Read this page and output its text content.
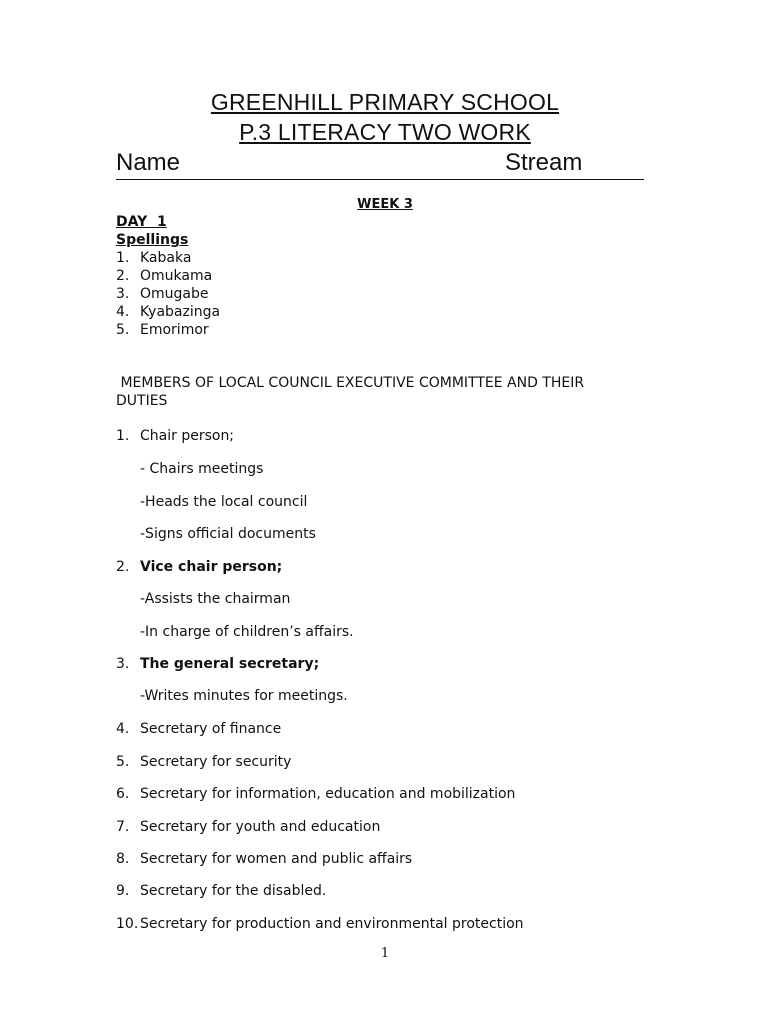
GREENHILL PRIMARY SCHOOL
P.3 LITERACY TWO WORK
Name	Stream
WEEK 3
DAY  1
Spellings
1. Kabaka
2. Omukama
3. Omugabe
4. Kyabazinga
5. Emorimor
MEMBERS OF LOCAL COUNCIL EXECUTIVE COMMITTEE AND THEIR DUTIES
1. Chair person;
- Chairs meetings
-Heads the local council
-Signs official documents
2. Vice chair person;
-Assists the chairman
-In charge of children’s affairs.
3. The general secretary;
-Writes minutes for meetings.
4. Secretary of finance
5. Secretary for security
6. Secretary for information, education and mobilization
7. Secretary for youth and education
8. Secretary for women and public affairs
9. Secretary for the disabled.
10. Secretary for production and environmental protection
1
